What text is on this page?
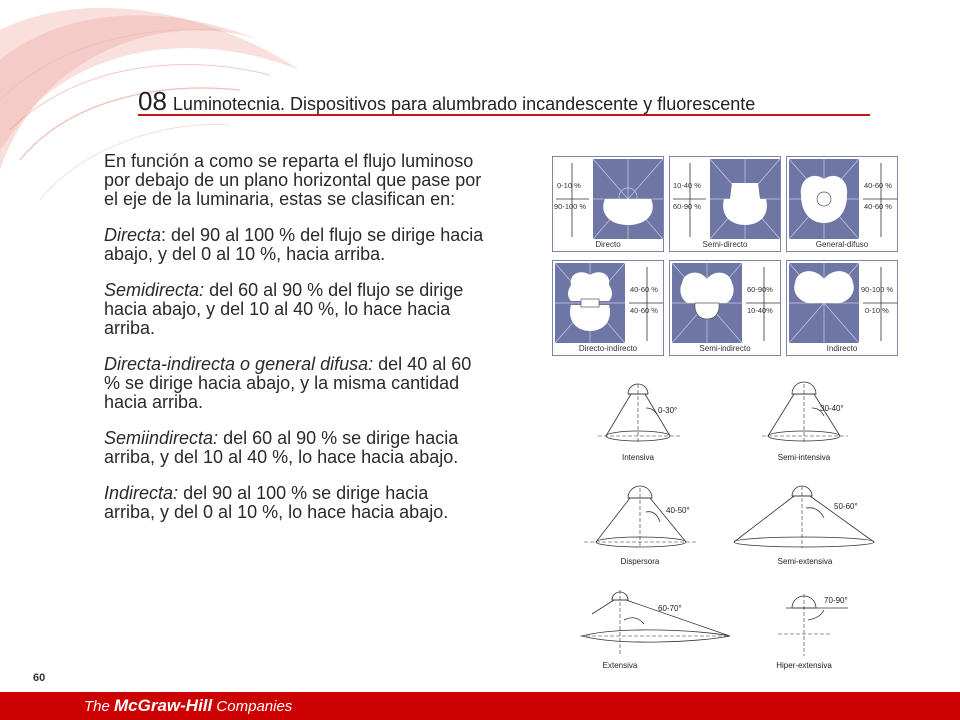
08 Luminotecnia. Dispositivos para alumbrado incandescente y fluorescente

En función a como se reparta el flujo luminoso por debajo de un plano horizontal que pase por el eje de la luminaria, estas se clasifican en:

Directa: del 90 al 100 % del flujo se dirige hacia abajo, y del 0 al 10 %, hacia arriba.

Semidirecta: del 60 al 90 % del flujo se dirige hacia abajo, y del 10 al 40 %, lo hace hacia arriba.

Directa-indirecta o general difusa: del 40 al 60 % se dirige hacia abajo, y la misma cantidad hacia arriba.

Semiindirecta: del 60 al 90 % se dirige hacia arriba, y del 10 al 40 %, lo hace hacia abajo.

Indirecta: del 90 al 100 % se dirige hacia arriba, y del 0 al 10 %, lo hace hacia abajo.

0-10 %
90-100 %
Directo
10-40 %
60-90 %
Semi-directo
40-60 %
40-60 %
General-difuso
40-60 %
40-60 %
Directo-indirecto
60-90%
10-40%
Semi-indirecto
90-100 %
0-10 %
Indirecto
0-30°
Intensiva
30-40°
Semi-intensiva
40-50°
Dispersora
50-60°
Semi-extensiva
60-70°
Extensiva
70-90°
Hiper-extensiva
60
The McGraw-Hill Companies
